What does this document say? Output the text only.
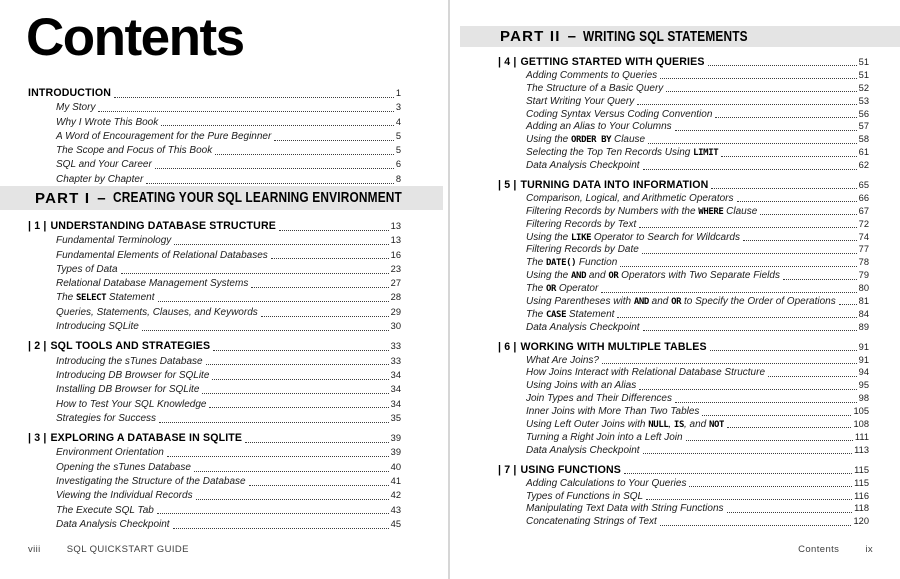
Contents
INTRODUCTION	1
My Story	3
Why I Wrote This Book	4
A Word of Encouragement for the Pure Beginner	5
The Scope and Focus of This Book	5
SQL and Your Career	6
Chapter by Chapter	8
PART I – CREATING YOUR SQL LEARNING ENVIRONMENT
| 1 | UNDERSTANDING DATABASE STRUCTURE	13
Fundamental Terminology	13
Fundamental Elements of Relational Databases	16
Types of Data	23
Relational Database Management Systems	27
The SELECT Statement	28
Queries, Statements, Clauses, and Keywords	29
Introducing SQLite	30
| 2 | SQL TOOLS AND STRATEGIES	33
Introducing the sTunes Database	33
Introducing DB Browser for SQLite	34
Installing DB Browser for SQLite	34
How to Test Your SQL Knowledge	34
Strategies for Success	35
| 3 | EXPLORING A DATABASE IN SQLITE	39
Environment Orientation	39
Opening the sTunes Database	40
Investigating the Structure of the Database	41
Viewing the Individual Records	42
The Execute SQL Tab	43
Data Analysis Checkpoint	45
viii	SQL QUICKSTART GUIDE
PART II – WRITING SQL STATEMENTS
| 4 | GETTING STARTED WITH QUERIES	51
Adding Comments to Queries	51
The Structure of a Basic Query	52
Start Writing Your Query	53
Coding Syntax Versus Coding Convention	56
Adding an Alias to Your Columns	57
Using the ORDER BY Clause	58
Selecting the Top Ten Records Using LIMIT	61
Data Analysis Checkpoint	62
| 5 | TURNING DATA INTO INFORMATION	65
Comparison, Logical, and Arithmetic Operators	66
Filtering Records by Numbers with the WHERE Clause	67
Filtering Records by Text	72
Using the LIKE Operator to Search for Wildcards	74
Filtering Records by Date	77
The DATE() Function	78
Using the AND and OR Operators with Two Separate Fields	79
The OR Operator	80
Using Parentheses with AND and OR to Specify the Order of Operations 81
The CASE Statement	84
Data Analysis Checkpoint	89
| 6 | WORKING WITH MULTIPLE TABLES	91
What Are Joins?	91
How Joins Interact with Relational Database Structure	94
Using Joins with an Alias	95
Join Types and Their Differences	98
Inner Joins with More Than Two Tables	105
Using Left Outer Joins with NULL, IS, and NOT	108
Turning a Right Join into a Left Join	111
Data Analysis Checkpoint	113
| 7 | USING FUNCTIONS	115
Adding Calculations to Your Queries	115
Types of Functions in SQL	116
Manipulating Text Data with String Functions	118
Concatenating Strings of Text	120
Contents	ix
